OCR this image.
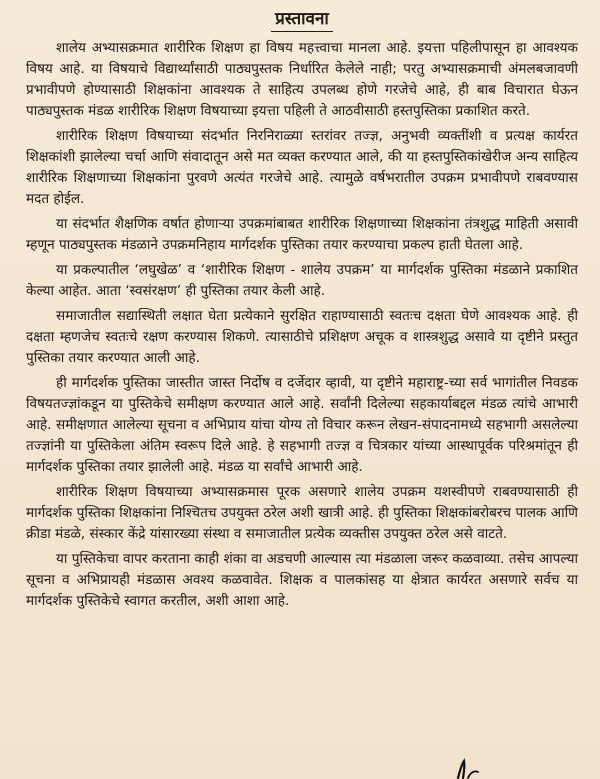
प्रस्तावना

शालेय अभ्यासक्रमात शारीरिक शिक्षण हा विषय महत्त्वाचा मानला आहे. इयत्ता पहिलीपासून हा आवश्यक विषय आहे. या विषयाचे विद्यार्थ्यांसाठी पाठ्यपुस्तक निर्धारित केलेले नाही; परतु अभ्यासक्रमाची अंमलबजावणी प्रभावीपणे होण्यासाठी शिक्षकांना आवश्यक ते साहित्य उपलब्ध होणे गरजेचे आहे, ही बाब विचारात घेऊन पाठ्यपुस्तक मंडळ शारीरिक शिक्षण विषयाच्या इयत्ता पहिली ते आठवीसाठी हस्तपुस्तिका प्रकाशित करते.

शारीरिक शिक्षण विषयाच्या संदर्भात निरनिराळ्या स्तरांवर तज्ज्ञ, अनुभवी व्यक्तींशी व प्रत्यक्ष कार्यरत शिक्षकांशी झालेल्या चर्चा आणि संवादातून असे मत व्यक्त करण्यात आले, की या हस्तपुस्तिकांखेरीज अन्य साहित्य शारीरिक शिक्षणाच्या शिक्षकांना पुरवणे अत्यंत गरजेचे आहे. त्यामुळे वर्षभरातील उपक्रम प्रभावीपणे राबवण्यास मदत होईल.

या संदर्भात शैक्षणिक वर्षात होणाऱ्या उपक्रमांबाबत शारीरिक शिक्षणाच्या शिक्षकांना तंत्रशुद्ध माहिती असावी म्हणून पाठ्यपुस्तक मंडळाने उपक्रमनिहाय मार्गदर्शक पुस्तिका तयार करण्याचा प्रकल्प हाती घेतला आहे.

या प्रकल्पातील ‘लघुखेळ’ व ‘शारीरिक शिक्षण - शालेय उपक्रम’ या मार्गदर्शक पुस्तिका मंडळाने प्रकाशित केल्या आहेत. आता ‘स्वसंरक्षण’ ही पुस्तिका तयार केली आहे.

समाजातील सद्यास्थिती लक्षात घेता प्रत्येकाने सुरक्षित राहाण्यासाठी स्वतःच दक्षता घेणे आवश्यक आहे. ही दक्षता म्हणजेच स्वतःचे रक्षण करण्यास शिकणे. त्यासाठीचे प्रशिक्षण अचूक व शास्त्रशुद्ध असावे या दृष्टीने प्रस्तुत पुस्तिका तयार करण्यात आली आहे.

ही मार्गदर्शक पुस्तिका जास्तीत जास्त निर्दोष व दर्जेदार व्हावी, या दृष्टीने महाराष्ट्र-च्या सर्व भागांतील निवडक विषयतज्ज्ञांकडून या पुस्तिकेचे समीक्षण करण्यात आले आहे. सर्वांनी दिलेल्या सहकार्याबद्दल मंडळ त्यांचे आभारी आहे. समीक्षणात आलेल्या सूचना व अभिप्राय यांचा योग्य तो विचार करून लेखन-संपादनामध्ये सहभागी असलेल्या तज्ज्ञांनी या पुस्तिकेला अंतिम स्वरूप दिले आहे. हे सहभागी तज्ज्ञ व चित्रकार यांच्या आस्थापूर्वक परिश्रमांतून ही मार्गदर्शक पुस्तिका तयार झालेली आहे. मंडळ या सर्वांचे आभारी आहे.

शारीरिक शिक्षण विषयाच्या अभ्यासक्रमास पूरक असणारे शालेय उपक्रम यशस्वीपणे राबवण्यासाठी ही मार्गदर्शक पुस्तिका शिक्षकांना निश्चितच उपयुक्त ठरेल अशी खात्री आहे. ही पुस्तिका शिक्षकांबरोबरच पालक आणि क्रीडा मंडळे, संस्कार केंद्रे यांसारख्या संस्था व समाजातील प्रत्येक व्यक्तीस उपयुक्त ठरेल असे वाटते.

या पुस्तिकेचा वापर करताना काही शंका वा अडचणी आल्यास त्या मंडळाला जरूर कळवाव्या. तसेच आपल्या सूचना व अभिप्रायही मंडळास अवश्य कळवावेत. शिक्षक व पालकांसह या क्षेत्रात कार्यरत असणारे सर्वच या मार्गदर्शक पुस्तिकेचे स्वागत करतील, अशी आशा आहे.
